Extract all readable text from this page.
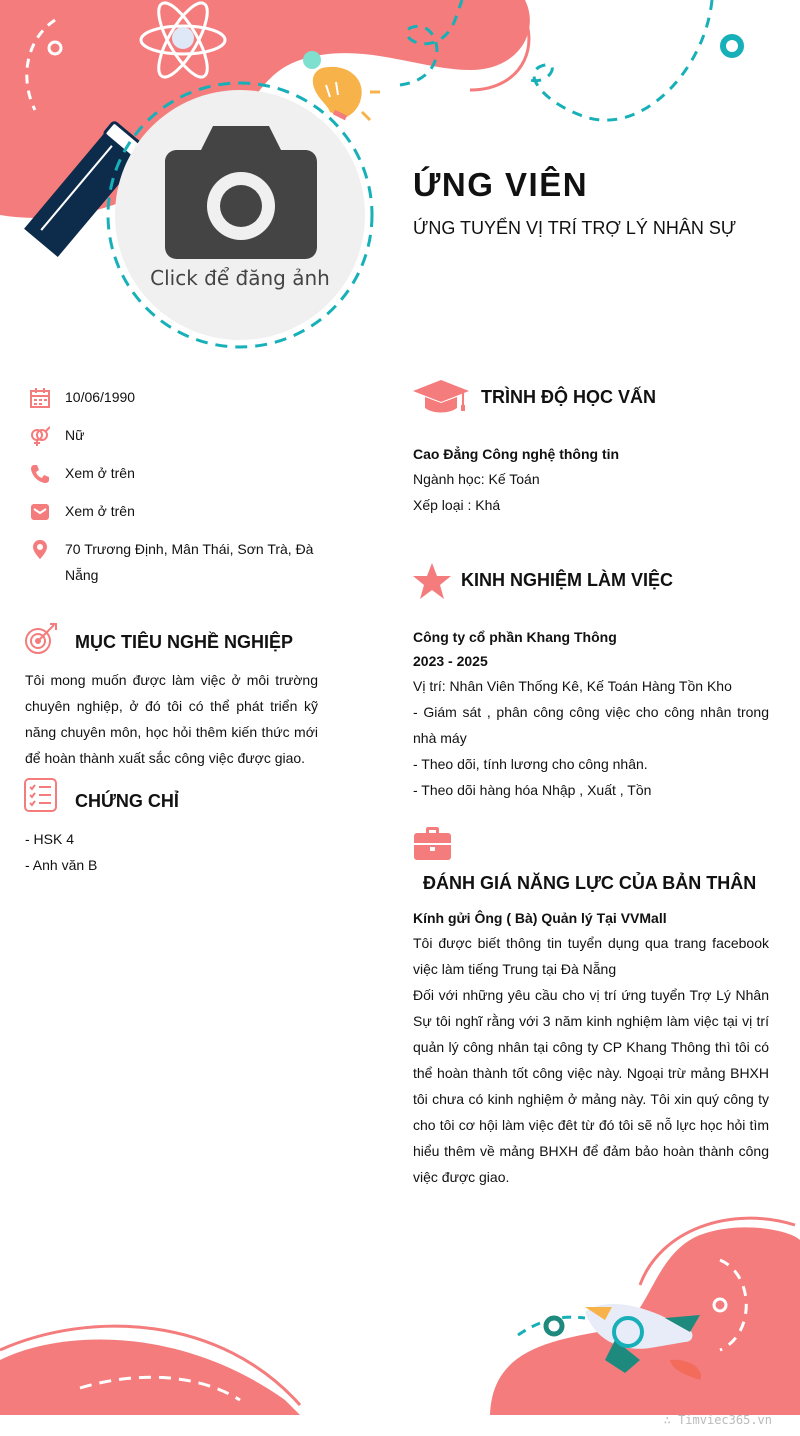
Click để đăng ảnh
ỨNG VIÊN
ỨNG TUYỂN VỊ TRÍ TRỢ LÝ NHÂN SỰ
10/06/1990
Nữ
Xem ở trên
Xem ở trên
70 Trương Định, Mân Thái, Sơn Trà, Đà Nẵng
MỤC TIÊU NGHỀ NGHIỆP
Tôi mong muốn được làm việc ở môi trường chuyên nghiệp, ở đó tôi có thể phát triển kỹ năng chuyên môn, học hỏi thêm kiến thức mới để hoàn thành xuất sắc công việc được giao.
CHỨNG CHỈ
- HSK 4
- Anh văn B
TRÌNH ĐỘ HỌC VẤN
Cao Đẳng Công nghệ thông tin
Ngành học: Kế Toán
Xếp loại : Khá
KINH NGHIỆM LÀM VIỆC
Công ty cổ phần Khang Thông
2023 - 2025
Vị trí: Nhân Viên Thống Kê, Kế Toán Hàng Tồn Kho
- Giám sát , phân công công việc cho công nhân trong nhà máy
- Theo dõi, tính lương cho công nhân.
- Theo dõi hàng hóa Nhập , Xuất , Tồn
ĐÁNH GIÁ NĂNG LỰC CỦA BẢN THÂN
Kính gửi Ông ( Bà) Quản lý Tại VVMall
Tôi được biết thông tin tuyển dụng qua trang facebook việc làm tiếng Trung tại Đà Nẵng
Đối với những yêu cầu cho vị trí ứng tuyển Trợ Lý Nhân Sự tôi nghĩ rằng với 3 năm kinh nghiệm làm việc tại vị trí quản lý công nhân tại công ty CP Khang Thông thì tôi có thể hoàn thành tốt công việc này. Ngoại trừ mảng BHXH tôi chưa có kinh nghiệm ở mảng này. Tôi xin quý công ty cho tôi cơ hội làm việc đêt từ đó tôi sẽ nỗ lực học hỏi tìm hiểu thêm về mảng BHXH để đảm bảo hoàn thành công việc được giao.
∴ Timviec365.vn
